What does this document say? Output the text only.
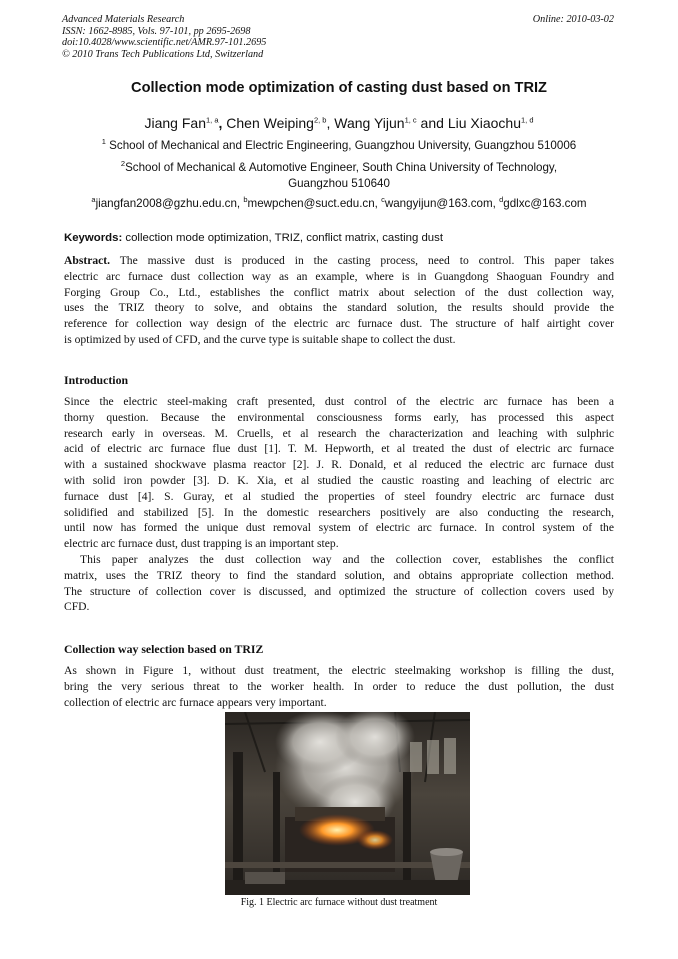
Advanced Materials Research
ISSN: 1662-8985, Vols. 97-101, pp 2695-2698
doi:10.4028/www.scientific.net/AMR.97-101.2695
© 2010 Trans Tech Publications Ltd, Switzerland
Online: 2010-03-02
Collection mode optimization of casting dust based on TRIZ
Jiang Fan$^{1, a}$, Chen Weiping$^{2, b}$, Wang Yijun$^{1, c}$ and Liu Xiaochu$^{1, d}$
$^1$ School of Mechanical and Electric Engineering, Guangzhou University, Guangzhou 510006
$^2$School of Mechanical & Automotive Engineer, South China University of Technology,
Guangzhou 510640
$^a$jiangfan2008@gzhu.edu.cn, $^b$mewpchen@suct.edu.cn, $^c$wangyijun@163.com, $^d$gdlxc@163.com
Keywords: collection mode optimization, TRIZ, conflict matrix, casting dust
Abstract. The massive dust is produced in the casting process, need to control. This paper takes
electric arc furnace dust collection way as an example, where is in Guangdong Shaoguan Foundry and
Forging Group Co., Ltd., establishes the conflict matrix about selection of the dust collection way,
uses the TRIZ theory to solve, and obtains the standard solution, the results should provide the
reference for collection way design of the electric arc furnace dust. The structure of half airtight cover
is optimized by used of CFD, and the curve type is suitable shape to collect the dust.
Introduction
Since the electric steel-making craft presented, dust control of the electric arc furnace has been a
thorny question. Because the environmental consciousness forms early, has processed this aspect
research early in overseas. M. Cruells, et al research the characterization and leaching with sulphric
acid of electric arc furnace flue dust [1]. T. M. Hepworth, et al treated the dust of electric arc furnace
with a sustained shockwave plasma reactor [2]. J. R. Donald, et al reduced the electric arc furnace dust
with solid iron powder [3]. D. K. Xia, et al studied the caustic roasting and leaching of electric arc
furnace dust [4]. S. Guray, et al studied the properties of steel foundry electric arc furnace dust
solidified and stabilized [5]. In the domestic researchers positively are also conducting the research,
until now has formed the unique dust removal system of electric arc furnace. In control system of the
electric arc furnace dust, dust trapping is an important step.
This paper analyzes the dust collection way and the collection cover, establishes the conflict
matrix, uses the TRIZ theory to find the standard solution, and obtains appropriate collection method.
The structure of collection cover is discussed, and optimized the structure of collection covers used by
CFD.
Collection way selection based on TRIZ
As shown in Figure 1, without dust treatment, the electric steelmaking workshop is filling the dust,
bring the very serious threat to the worker health. In order to reduce the dust pollution, the dust
collection of electric arc furnace appears very important.
Fig. 1 Electric arc furnace without dust treatment
